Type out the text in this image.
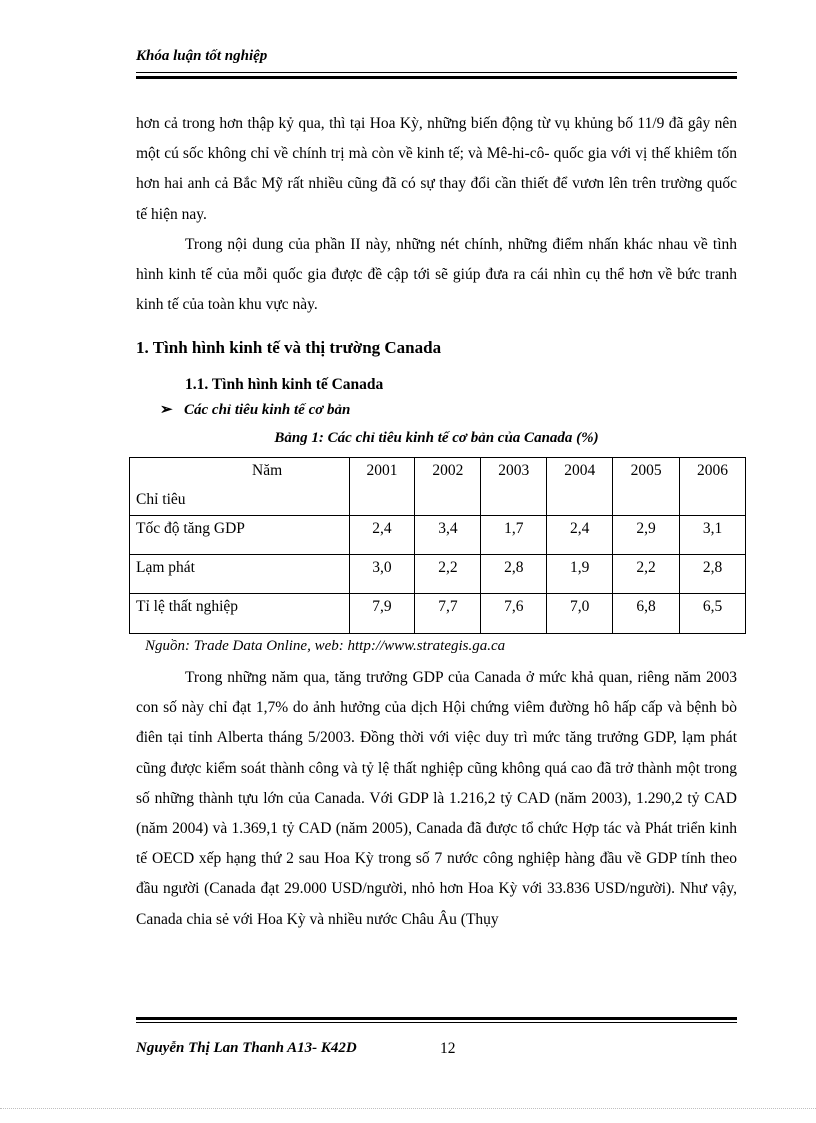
Khóa luận tốt nghiệp

hơn cả trong hơn thập kỷ qua, thì tại Hoa Kỳ, những biến động từ vụ khủng bố 11/9 đã gây nên một cú sốc không chỉ về chính trị mà còn về kinh tế; và Mê-hi-cô- quốc gia với vị thế khiêm tốn hơn hai anh cả Bắc Mỹ rất nhiều cũng đã có sự thay đổi cần thiết để vươn lên trên trường quốc tế hiện nay.

Trong nội dung của phần II này, những nét chính, những điểm nhấn khác nhau về tình hình kinh tế của mỗi quốc gia được đề cập tới sẽ giúp đưa ra cái nhìn cụ thể hơn về bức tranh kinh tế của toàn khu vực này.

1. Tình hình kinh tế và thị trường Canada
1.1. Tình hình kinh tế Canada
➢ Các chỉ tiêu kinh tế cơ bản
Bảng 1: Các chỉ tiêu kinh tế cơ bản của Canada (%)
Năm
Chỉ tiêu	2001	2002	2003	2004	2005	2006
Tốc độ tăng GDP	2,4	3,4	1,7	2,4	2,9	3,1
Lạm phát	3,0	2,2	2,8	1,9	2,2	2,8
Tỉ lệ thất nghiệp	7,9	7,7	7,6	7,0	6,8	6,5
Nguồn: Trade Data Online, web: http://www.strategis.ga.ca

Trong những năm qua, tăng trưởng GDP của Canada ở mức khả quan, riêng năm 2003 con số này chỉ đạt 1,7% do ảnh hưởng của dịch Hội chứng viêm đường hô hấp cấp và bệnh bò điên tại tỉnh Alberta tháng 5/2003. Đồng thời với việc duy trì mức tăng trưởng GDP, lạm phát cũng được kiểm soát thành công và tỷ lệ thất nghiệp cũng không quá cao đã trở thành một trong số những thành tựu lớn của Canada. Với GDP là 1.216,2 tỷ CAD (năm 2003), 1.290,2 tỷ CAD (năm 2004) và 1.369,1 tỷ CAD (năm 2005), Canada đã được tổ chức Hợp tác và Phát triển kinh tế OECD xếp hạng thứ 2 sau Hoa Kỳ trong số 7 nước công nghiệp hàng đầu về GDP tính theo đầu người (Canada đạt 29.000 USD/người, nhỏ hơn Hoa Kỳ với 33.836 USD/người). Như vậy, Canada chia sẻ với Hoa Kỳ và nhiều nước Châu Âu (Thụy

Nguyễn Thị Lan Thanh A13- K42D	12
